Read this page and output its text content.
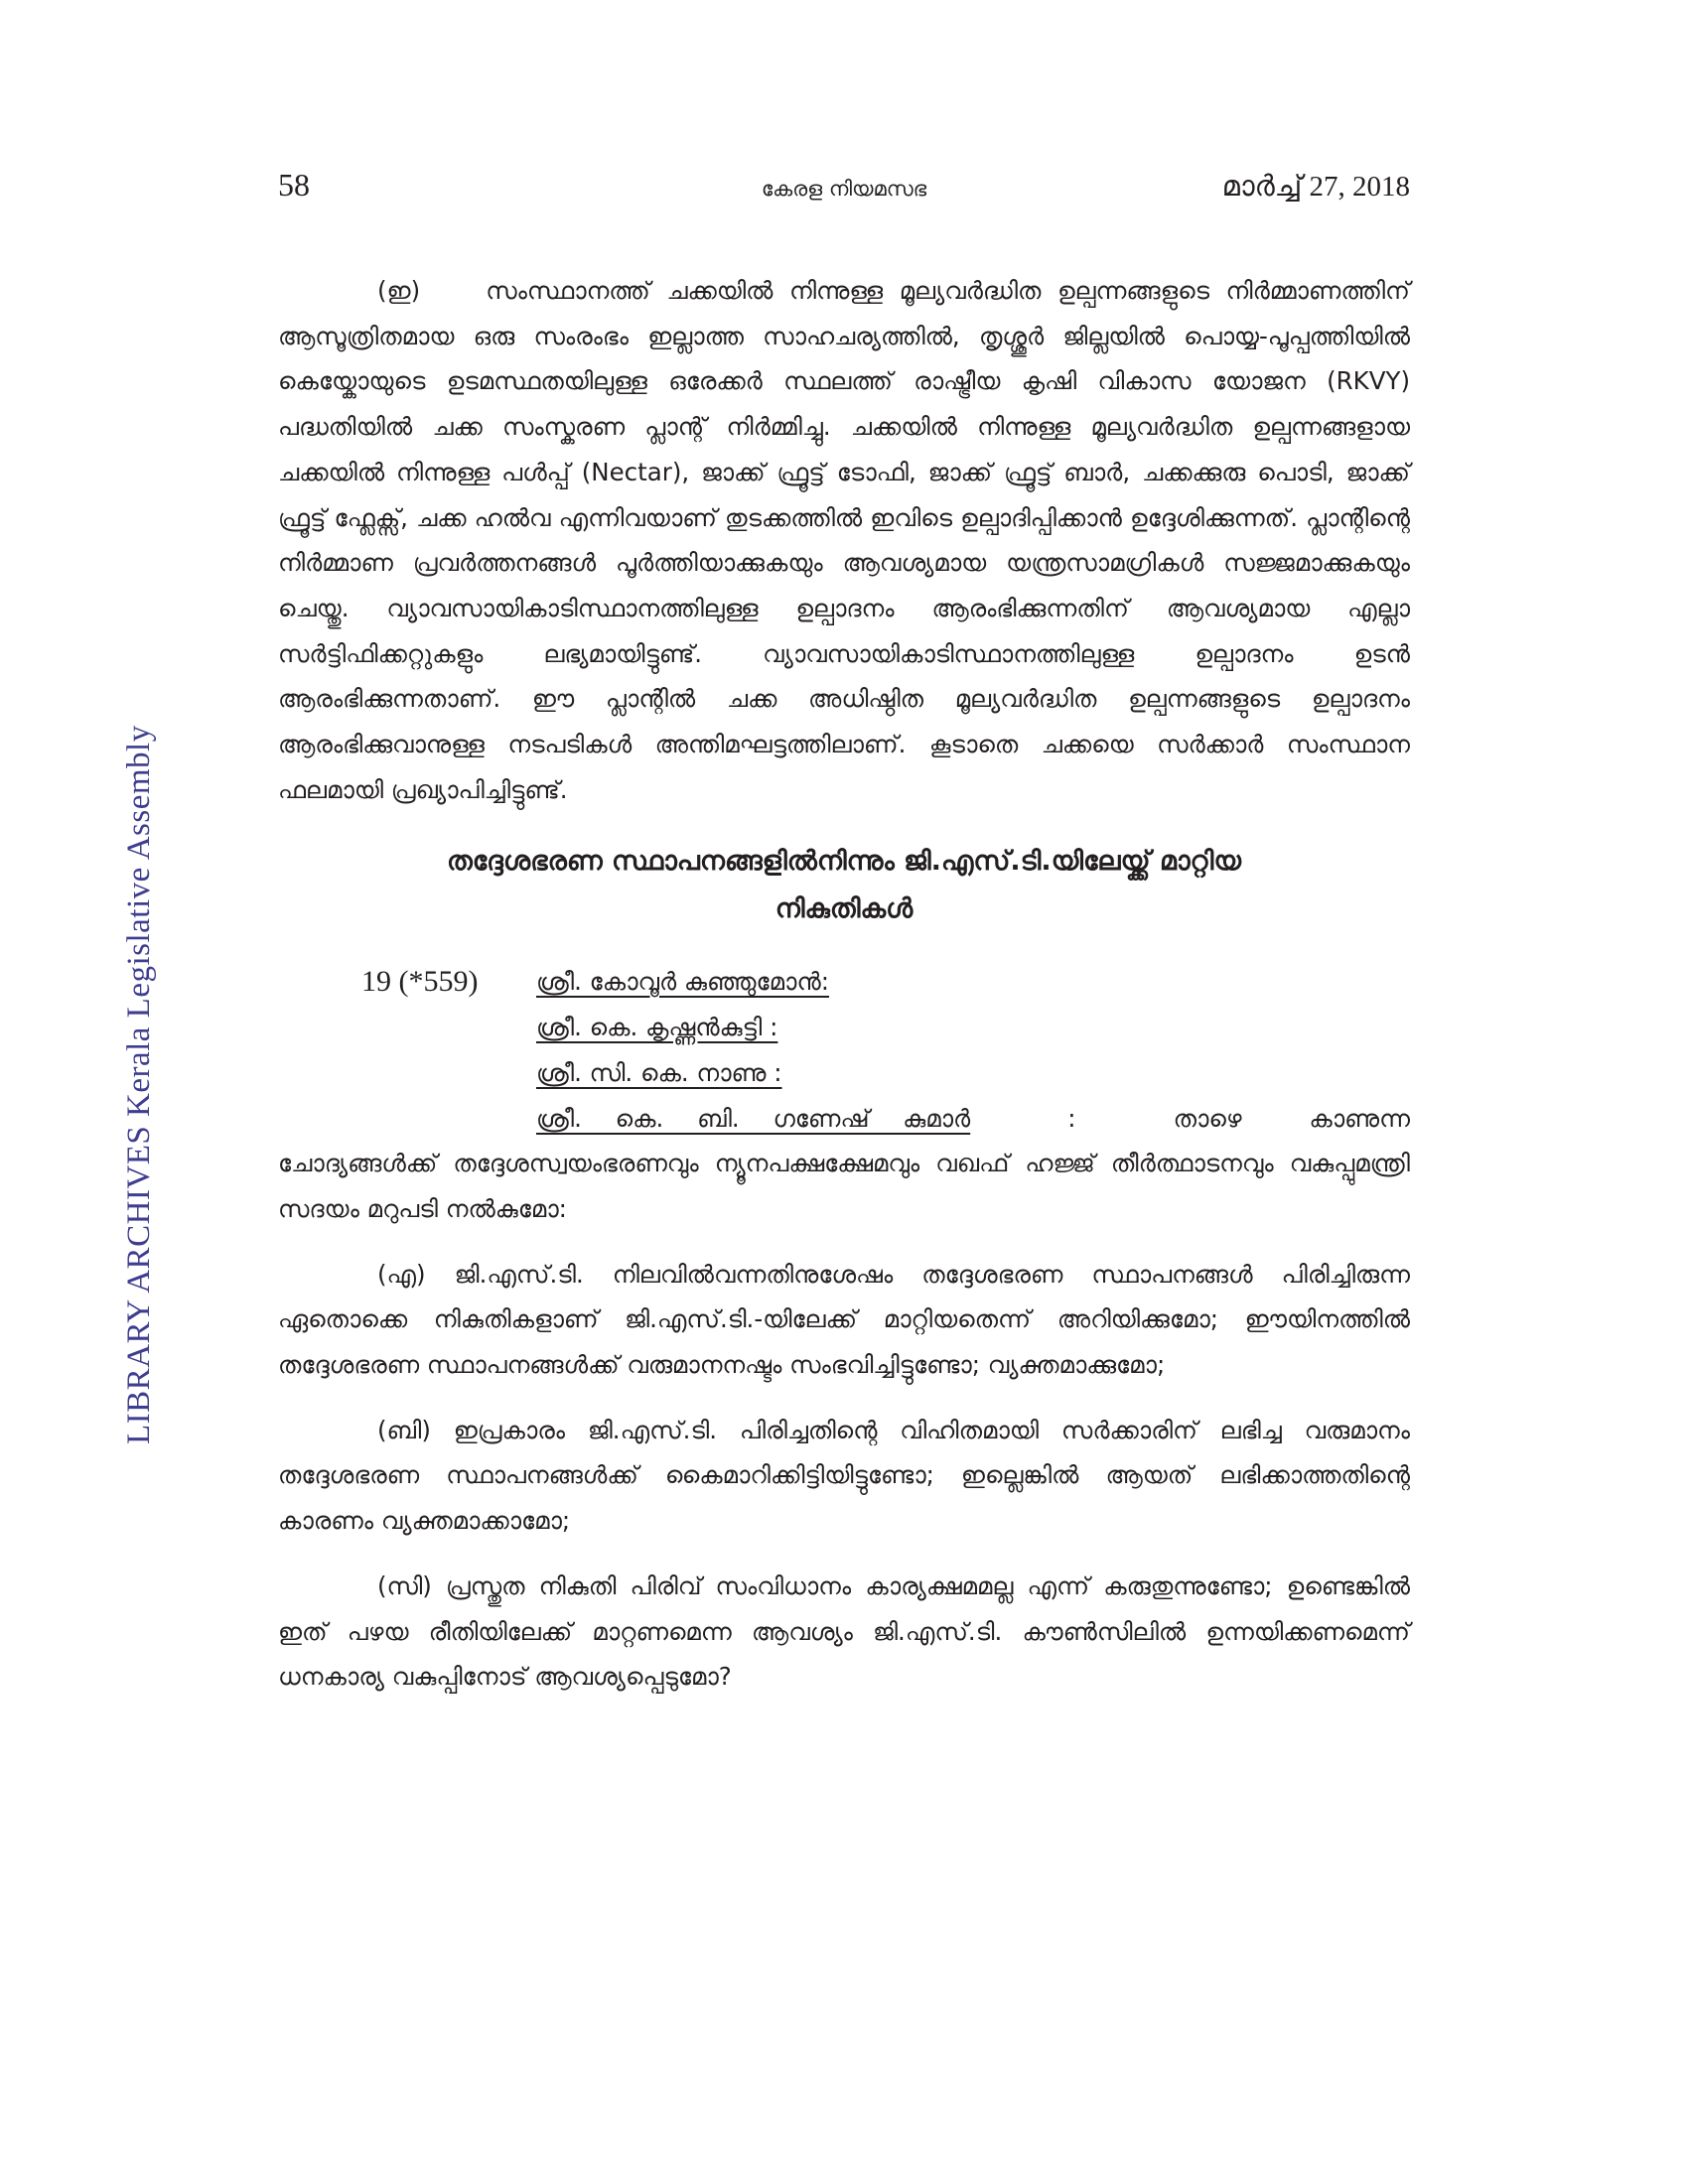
LIBRARY ARCHIVES Kerala Legislative Assembly
58	കേരള നിയമസഭ	മാർച്ച് 27, 2018

(ഇ)	സംസ്ഥാനത്ത് ചക്കയിൽ നിന്നുള്ള മൂല്യവർദ്ധിത ഉല്പന്നങ്ങളുടെ നിർമ്മാണത്തിന് ആസൂത്രിതമായ ഒരു സംരംഭം ഇല്ലാത്ത സാഹചര്യത്തിൽ, തൃശ്ശൂർ ജില്ലയിൽ പൊയ്യ-പൂപ്പത്തിയിൽ കെയ്കോയുടെ ഉടമസ്ഥതയിലുള്ള ഒരേക്കർ സ്ഥലത്ത് രാഷ്ട്രീയ കൃഷി വികാസ യോജന (RKVY) പദ്ധതിയിൽ ചക്ക സംസ്കരണ പ്ലാന്റ് നിർമ്മിച്ചു. ചക്കയിൽ നിന്നുള്ള മൂല്യവർദ്ധിത ഉല്പന്നങ്ങളായ ചക്കയിൽ നിന്നുള്ള പൾപ്പ് (Nectar), ജാക്ക് ഫ്രൂട്ട് ടോഫി, ജാക്ക് ഫ്രൂട്ട് ബാർ, ചക്കക്കുരു പൊടി, ജാക്ക് ഫ്രൂട്ട് ഫ്ലേക്സ്, ചക്ക ഹൽവ എന്നിവയാണ് തുടക്കത്തിൽ ഇവിടെ ഉല്പാദിപ്പിക്കാൻ ഉദ്ദേശിക്കുന്നത്. പ്ലാന്റിന്റെ നിർമ്മാണ പ്രവർത്തനങ്ങൾ പൂർത്തിയാക്കുകയും ആവശ്യമായ യന്ത്രസാമഗ്രികൾ സജ്ജമാക്കുകയും ചെയ്തു. വ്യാവസായികാടിസ്ഥാനത്തിലുള്ള ഉല്പാദനം ആരംഭിക്കുന്നതിന് ആവശ്യമായ എല്ലാ സർട്ടിഫിക്കറ്റുകളും ലഭ്യമായിട്ടുണ്ട്. വ്യാവസായികാടിസ്ഥാനത്തിലുള്ള ഉല്പാദനം ഉടൻ ആരംഭിക്കുന്നതാണ്. ഈ പ്ലാന്റിൽ ചക്ക അധിഷ്ഠിത മൂല്യവർദ്ധിത ഉല്പന്നങ്ങളുടെ ഉല്പാദനം ആരംഭിക്കുവാനുള്ള നടപടികൾ അന്തിമഘട്ടത്തിലാണ്. കൂടാതെ ചക്കയെ സർക്കാർ സംസ്ഥാന ഫലമായി പ്രഖ്യാപിച്ചിട്ടുണ്ട്.

തദ്ദേശഭരണ സ്ഥാപനങ്ങളിൽനിന്നും ജി.എസ്.ടി.യിലേയ്ക്ക് മാറ്റിയ
നികുതികൾ
19 (*559) ശ്രീ. കോവൂർ കുഞ്ഞുമോൻ:
ശ്രീ. കെ. കൃഷ്ണൻകുട്ടി :
ശ്രീ. സി. കെ. നാണു :
ശ്രീ. കെ. ബി. ഗണേഷ് കുമാർ	:	താഴെ കാണുന്ന

ചോദ്യങ്ങൾക്ക് തദ്ദേശസ്വയംഭരണവും ന്യൂനപക്ഷക്ഷേമവും വഖഫ് ഹജ്ജ് തീർത്ഥാടനവും വകുപ്പുമന്ത്രി സദയം മറുപടി നൽകുമോ:

(എ) ജി.എസ്.ടി. നിലവിൽവന്നതിനുശേഷം തദ്ദേശഭരണ സ്ഥാപനങ്ങൾ പിരിച്ചിരുന്ന ഏതൊക്കെ നികുതികളാണ് ജി.എസ്.ടി.-യിലേക്ക് മാറ്റിയതെന്ന് അറിയിക്കുമോ; ഈയിനത്തിൽ തദ്ദേശഭരണ സ്ഥാപനങ്ങൾക്ക് വരുമാനനഷ്ടം സംഭവിച്ചിട്ടുണ്ടോ; വ്യക്തമാക്കുമോ;

(ബി) ഇപ്രകാരം ജി.എസ്.ടി. പിരിച്ചതിന്റെ വിഹിതമായി സർക്കാരിന് ലഭിച്ച വരുമാനം തദ്ദേശഭരണ സ്ഥാപനങ്ങൾക്ക് കൈമാറിക്കിട്ടിയിട്ടുണ്ടോ; ഇല്ലെങ്കിൽ ആയത് ലഭിക്കാത്തതിന്റെ കാരണം വ്യക്തമാക്കാമോ;

(സി) പ്രസ്തുത നികുതി പിരിവ് സംവിധാനം കാര്യക്ഷമമല്ല എന്ന് കരുതുന്നുണ്ടോ; ഉണ്ടെങ്കിൽ ഇത് പഴയ രീതിയിലേക്ക് മാറ്റണമെന്ന ആവശ്യം ജി.എസ്.ടി. കൗൺസിലിൽ ഉന്നയിക്കണമെന്ന് ധനകാര്യ വകുപ്പിനോട് ആവശ്യപ്പെടുമോ?
